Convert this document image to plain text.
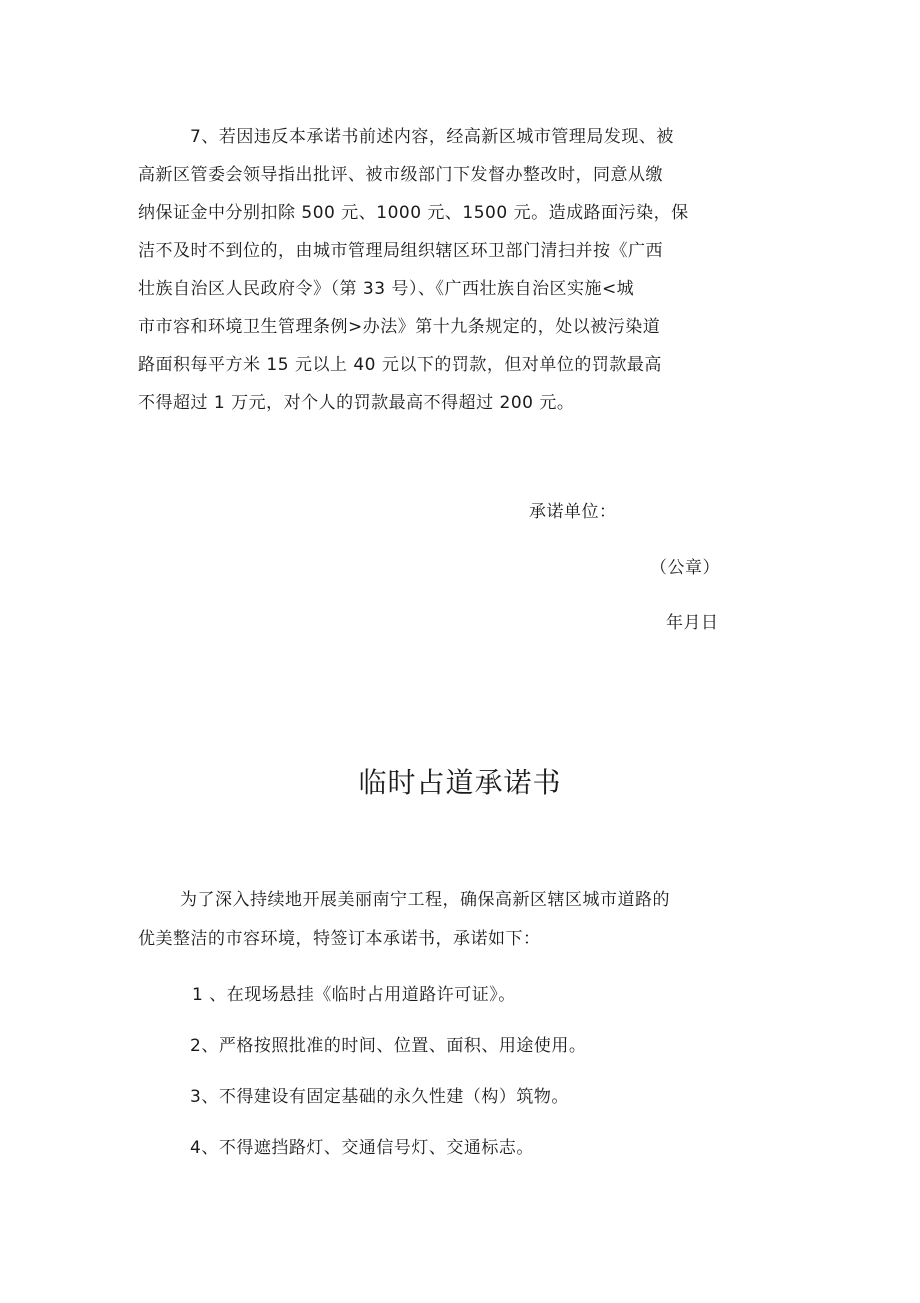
7、若因违反本承诺书前述内容，经高新区城市管理局发现、被
高新区管委会领导指出批评、被市级部门下发督办整改时，同意从缴
纳保证金中分别扣除 500 元、1000 元、1500 元。造成路面污染，保
洁不及时不到位的，由城市管理局组织辖区环卫部门清扫并按《广西
壮族自治区人民政府令》（第 33 号）、《广西壮族自治区实施<城
市市容和环境卫生管理条例>办法》第十九条规定的，处以被污染道
路面积每平方米 15 元以上 40 元以下的罚款，但对单位的罚款最高
不得超过 1 万元，对个人的罚款最高不得超过 200 元。
承诺单位：
（公章）
年月日
临时占道承诺书
为了深入持续地开展美丽南宁工程，确保高新区辖区城市道路的
优美整洁的市容环境，特签订本承诺书，承诺如下：
1 、在现场悬挂《临时占用道路许可证》。
2、严格按照批准的时间、位置、面积、用途使用。
3、不得建设有固定基础的永久性建（构）筑物。
4、不得遮挡路灯、交通信号灯、交通标志。
